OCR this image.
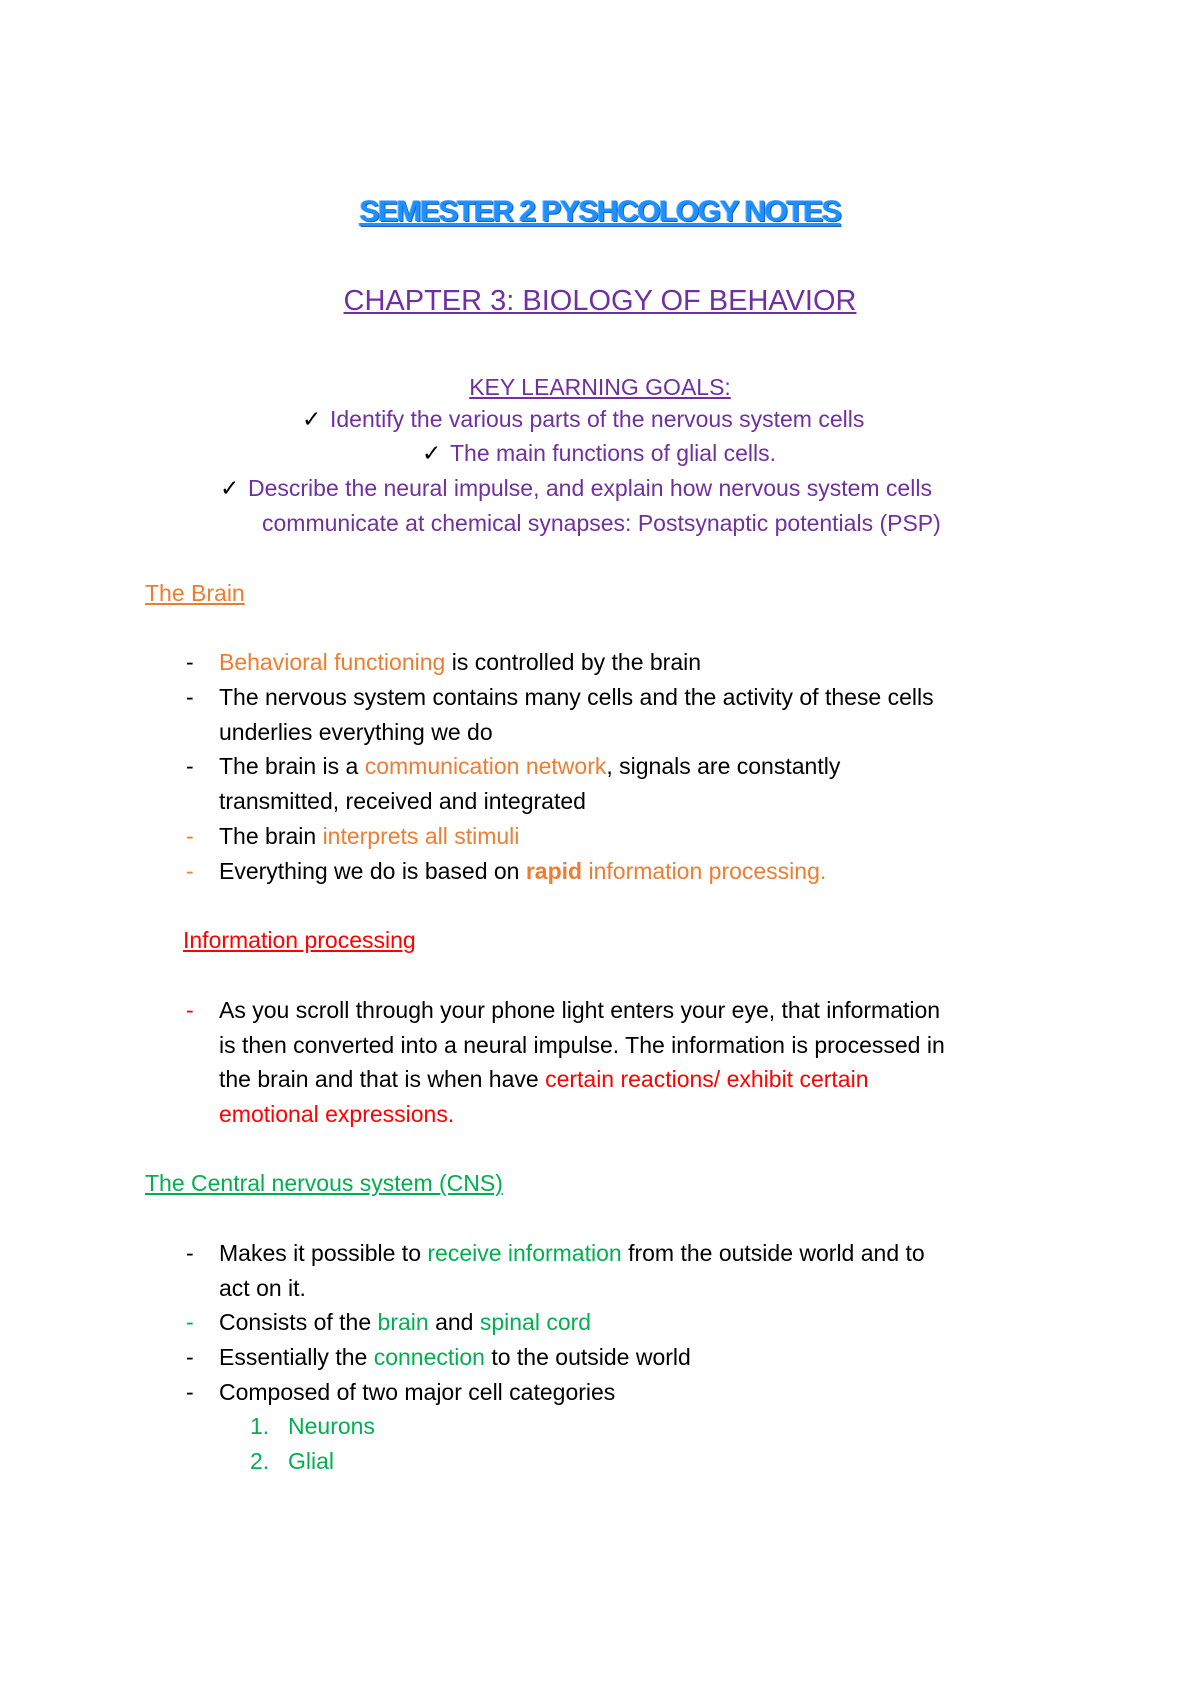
SEMESTER 2 PYSHCOLOGY NOTES
CHAPTER 3: BIOLOGY OF BEHAVIOR
KEY LEARNING GOALS:
✓ Identify the various parts of the nervous system cells
✓ The main functions of glial cells.
✓ Describe the neural impulse, and explain how nervous system cells
communicate at chemical synapses: Postsynaptic potentials (PSP)
The Brain
- Behavioral functioning is controlled by the brain
- The nervous system contains many cells and the activity of these cells
underlies everything we do
- The brain is a communication network, signals are constantly
transmitted, received and integrated
- The brain interprets all stimuli
- Everything we do is based on rapid information processing.
Information processing
- As you scroll through your phone light enters your eye, that information
is then converted into a neural impulse. The information is processed in
the brain and that is when have certain reactions/ exhibit certain
emotional expressions.
The Central nervous system (CNS)
- Makes it possible to receive information from the outside world and to
act on it.
- Consists of the brain and spinal cord
- Essentially the connection to the outside world
- Composed of two major cell categories
1. Neurons
2. Glial
